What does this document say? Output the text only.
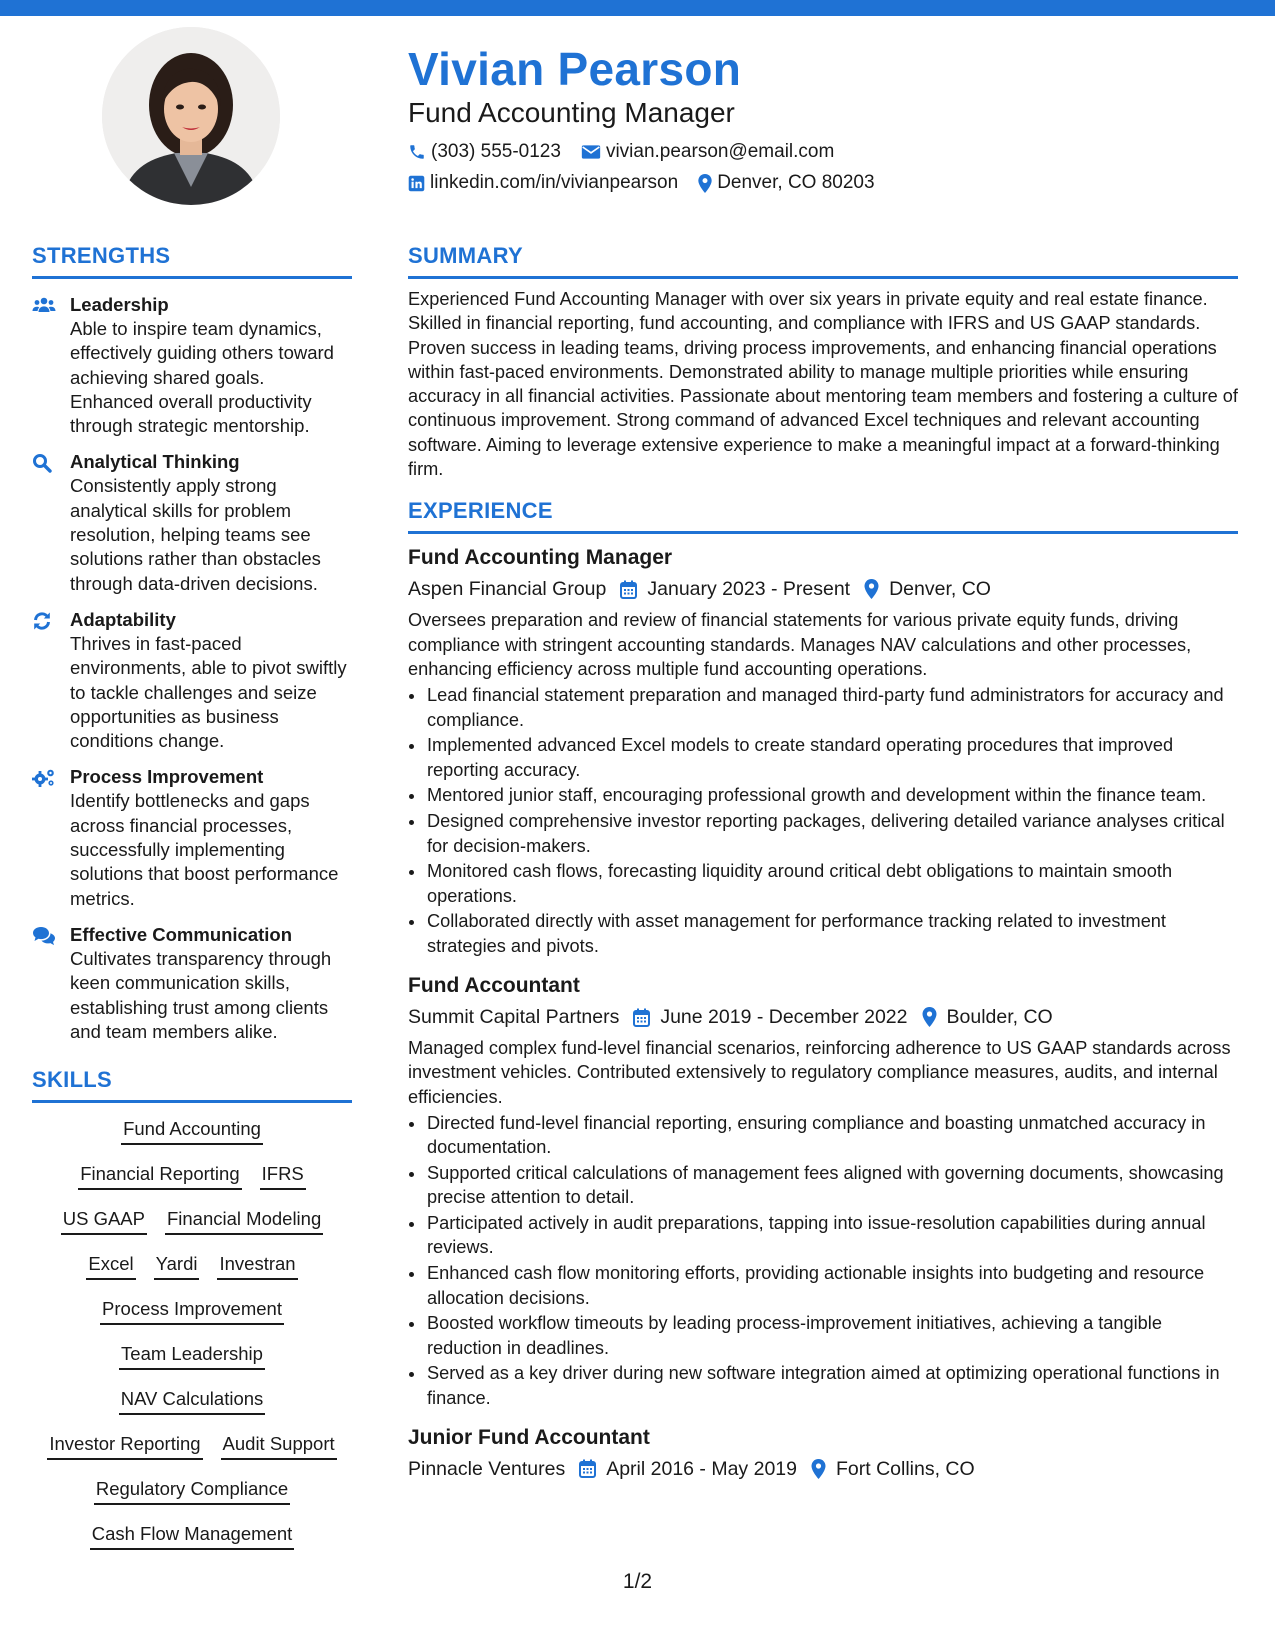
Vivian Pearson
Fund Accounting Manager
(303) 555-0123 vivian.pearson@email.com
linkedin.com/in/vivianpearson Denver, CO 80203
STRENGTHS
Leadership
Able to inspire team dynamics, effectively guiding others toward achieving shared goals. Enhanced overall productivity through strategic mentorship.
Analytical Thinking
Consistently apply strong analytical skills for problem resolution, helping teams see solutions rather than obstacles through data-driven decisions.
Adaptability
Thrives in fast-paced environments, able to pivot swiftly to tackle challenges and seize opportunities as business conditions change.
Process Improvement
Identify bottlenecks and gaps across financial processes, successfully implementing solutions that boost performance metrics.
Effective Communication
Cultivates transparency through keen communication skills, establishing trust among clients and team members alike.
SKILLS
Fund Accounting
Financial Reporting IFRS
US GAAP Financial Modeling
Excel Yardi Investran
Process Improvement
Team Leadership
NAV Calculations
Investor Reporting Audit Support
Regulatory Compliance
Cash Flow Management
SUMMARY
Experienced Fund Accounting Manager with over six years in private equity and real estate finance. Skilled in financial reporting, fund accounting, and compliance with IFRS and US GAAP standards. Proven success in leading teams, driving process improvements, and enhancing financial operations within fast-paced environments. Demonstrated ability to manage multiple priorities while ensuring accuracy in all financial activities. Passionate about mentoring team members and fostering a culture of continuous improvement. Strong command of advanced Excel techniques and relevant accounting software. Aiming to leverage extensive experience to make a meaningful impact at a forward-thinking firm.
EXPERIENCE
Fund Accounting Manager
Aspen Financial Group January 2023 - Present Denver, CO
Oversees preparation and review of financial statements for various private equity funds, driving compliance with stringent accounting standards. Manages NAV calculations and other processes, enhancing efficiency across multiple fund accounting operations.
• Lead financial statement preparation and managed third-party fund administrators for accuracy and compliance.
• Implemented advanced Excel models to create standard operating procedures that improved reporting accuracy.
• Mentored junior staff, encouraging professional growth and development within the finance team.
• Designed comprehensive investor reporting packages, delivering detailed variance analyses critical for decision-makers.
• Monitored cash flows, forecasting liquidity around critical debt obligations to maintain smooth operations.
• Collaborated directly with asset management for performance tracking related to investment strategies and pivots.
Fund Accountant
Summit Capital Partners June 2019 - December 2022 Boulder, CO
Managed complex fund-level financial scenarios, reinforcing adherence to US GAAP standards across investment vehicles. Contributed extensively to regulatory compliance measures, audits, and internal efficiencies.
• Directed fund-level financial reporting, ensuring compliance and boasting unmatched accuracy in documentation.
• Supported critical calculations of management fees aligned with governing documents, showcasing precise attention to detail.
• Participated actively in audit preparations, tapping into issue-resolution capabilities during annual reviews.
• Enhanced cash flow monitoring efforts, providing actionable insights into budgeting and resource allocation decisions.
• Boosted workflow timeouts by leading process-improvement initiatives, achieving a tangible reduction in deadlines.
• Served as a key driver during new software integration aimed at optimizing operational functions in finance.
Junior Fund Accountant
Pinnacle Ventures April 2016 - May 2019 Fort Collins, CO
1/2
